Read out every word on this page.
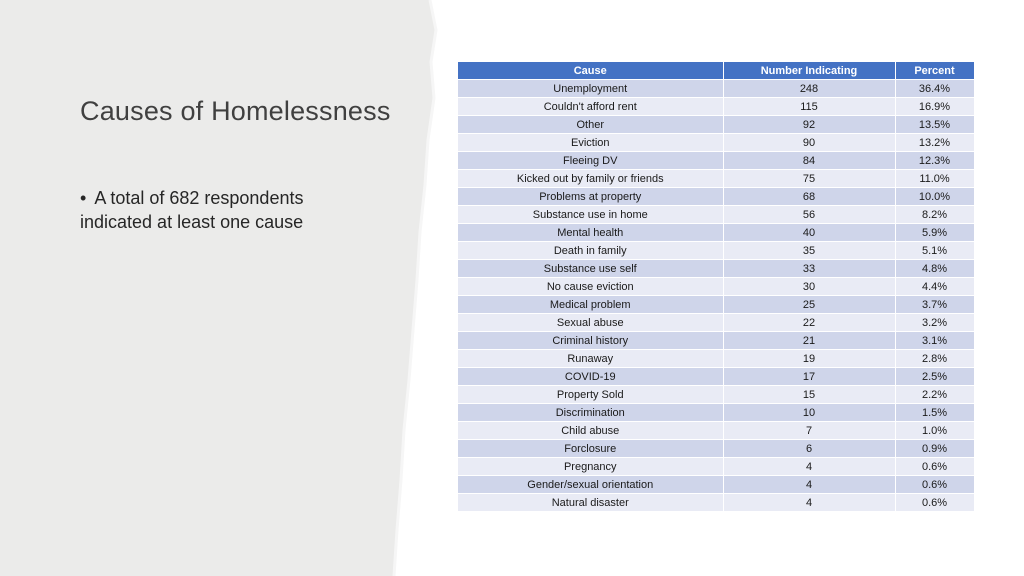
Causes of Homelessness
• A total of 682 respondents indicated at least one cause
Cause	Number Indicating	Percent
Unemployment	248	36.4%
Couldn't afford rent	115	16.9%
Other	92	13.5%
Eviction	90	13.2%
Fleeing DV	84	12.3%
Kicked out by family or friends	75	11.0%
Problems at property	68	10.0%
Substance use in home	56	8.2%
Mental health	40	5.9%
Death in family	35	5.1%
Substance use self	33	4.8%
No cause eviction	30	4.4%
Medical problem	25	3.7%
Sexual abuse	22	3.2%
Criminal history	21	3.1%
Runaway	19	2.8%
COVID-19	17	2.5%
Property Sold	15	2.2%
Discrimination	10	1.5%
Child abuse	7	1.0%
Forclosure	6	0.9%
Pregnancy	4	0.6%
Gender/sexual orientation	4	0.6%
Natural disaster	4	0.6%
